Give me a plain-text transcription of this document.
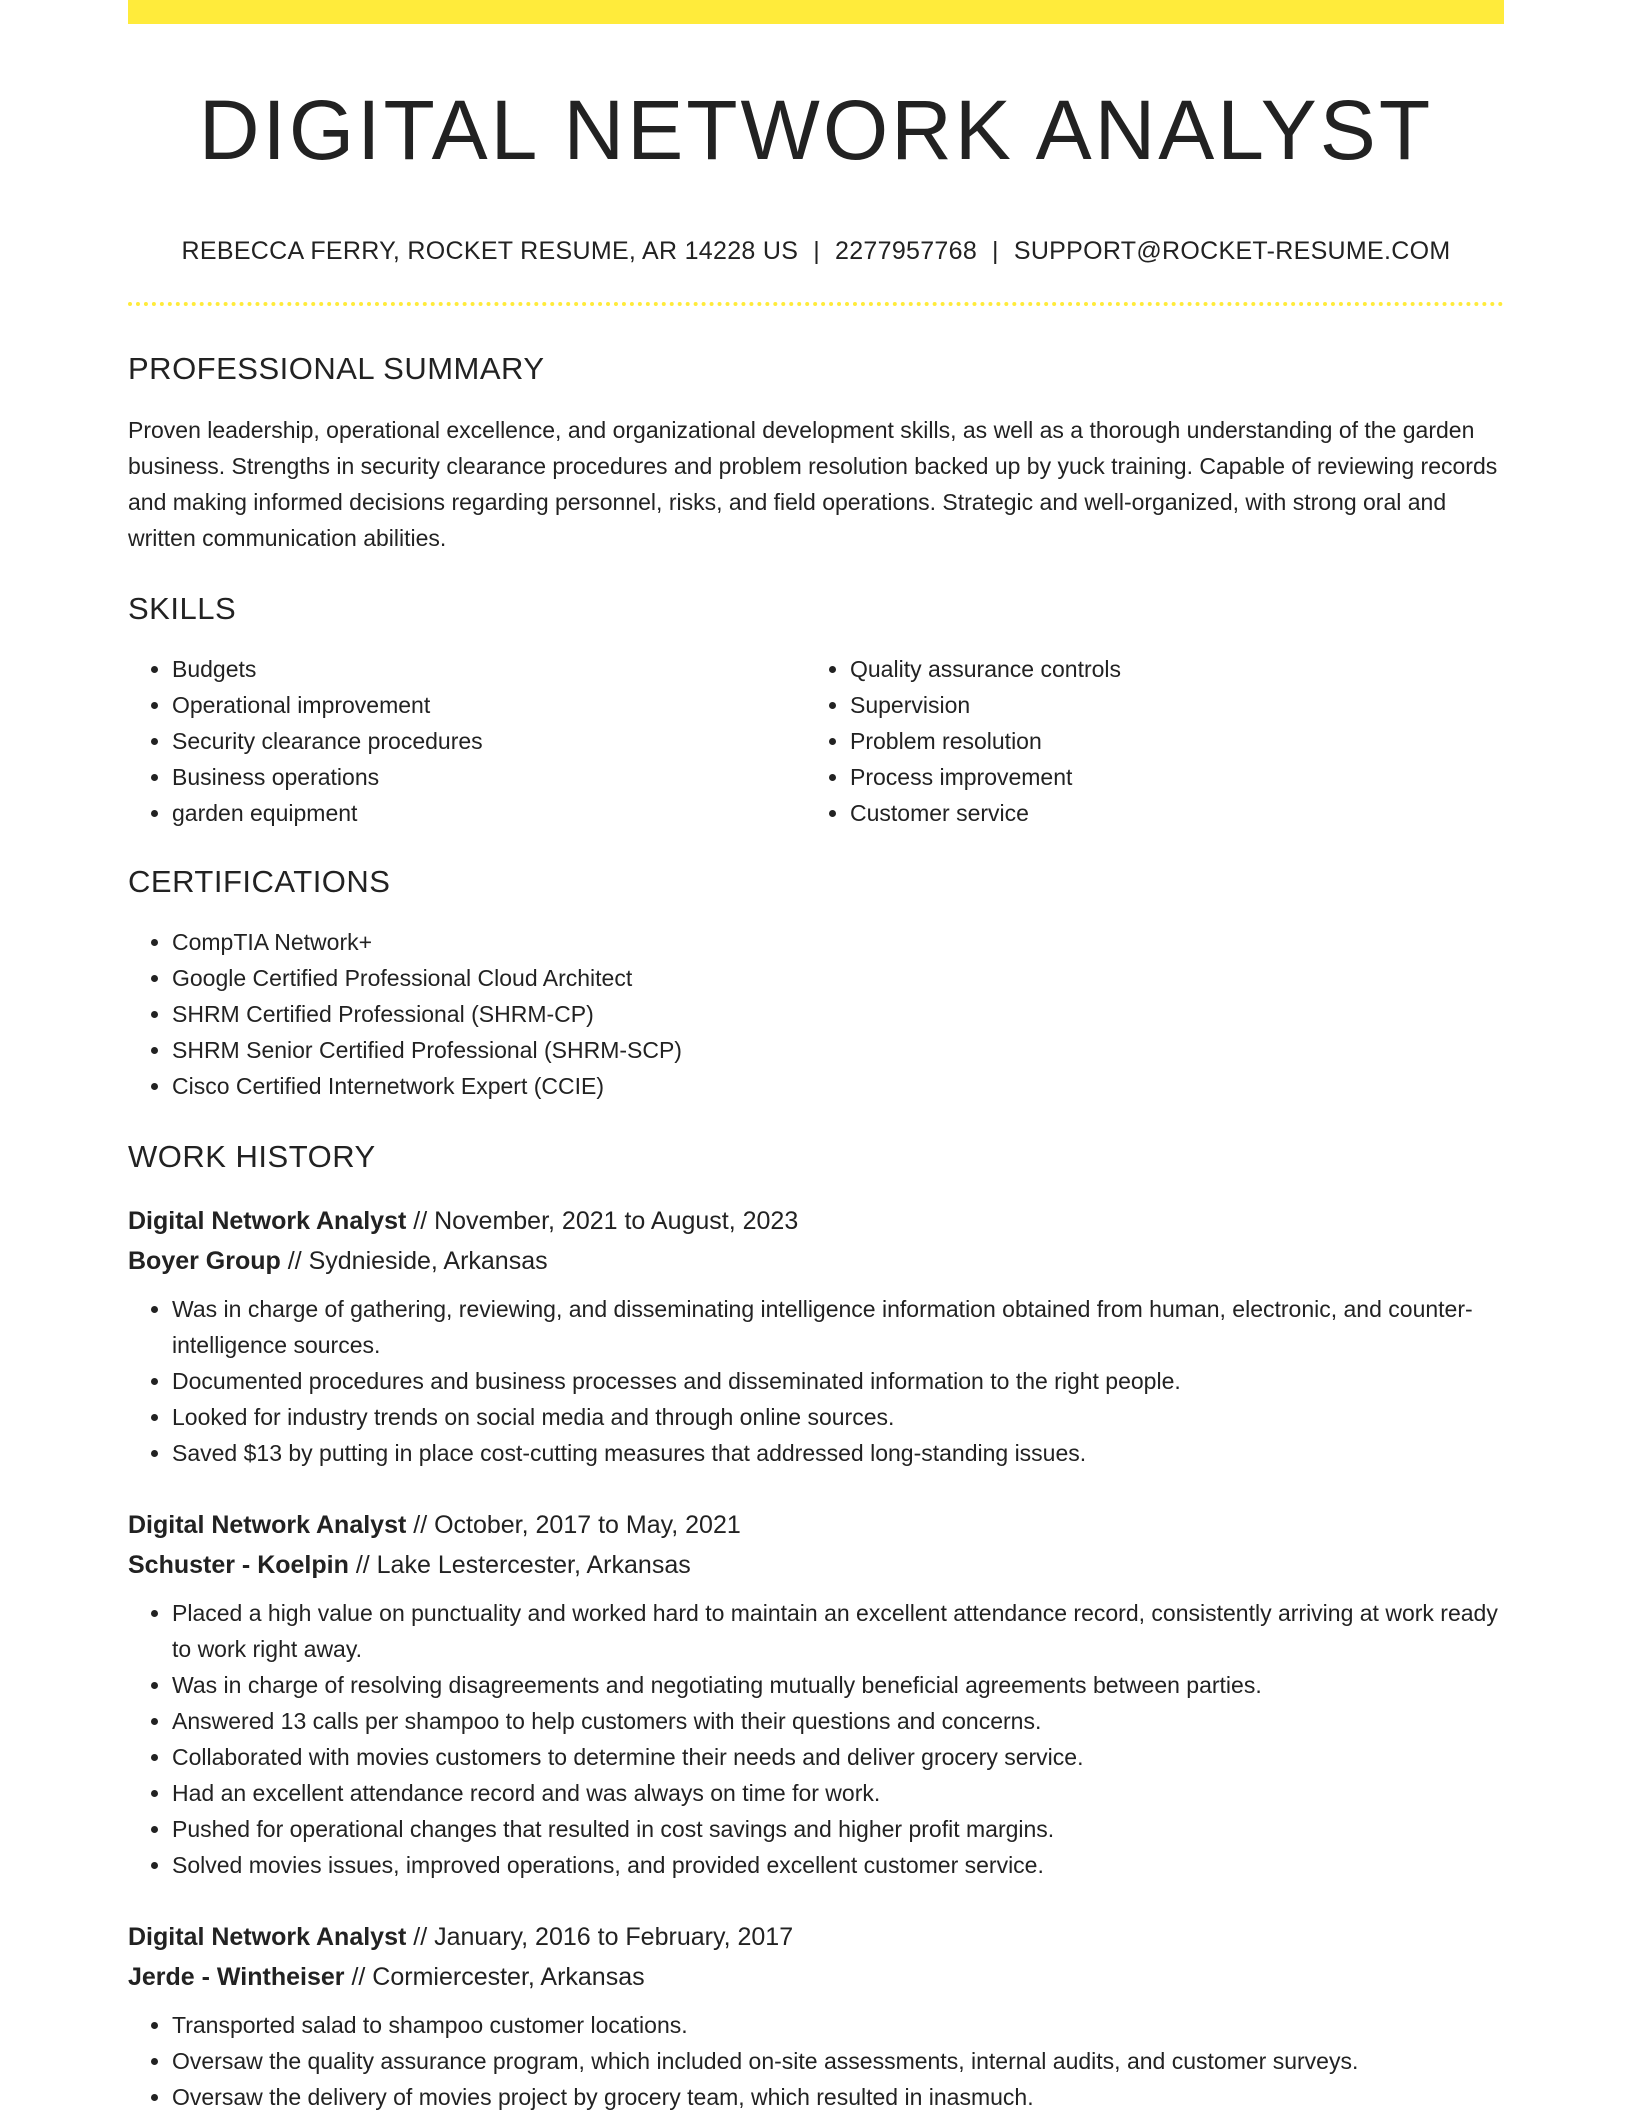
DIGITAL NETWORK ANALYST
REBECCA FERRY, ROCKET RESUME, AR 14228 US | 2277957768 | SUPPORT@ROCKET-RESUME.COM
PROFESSIONAL SUMMARY

Proven leadership, operational excellence, and organizational development skills, as well as a thorough understanding of the garden business. Strengths in security clearance procedures and problem resolution backed up by yuck training. Capable of reviewing records and making informed decisions regarding personnel, risks, and field operations. Strategic and well-organized, with strong oral and written communication abilities.

SKILLS
• Budgets
• Operational improvement
• Security clearance procedures
• Business operations
• garden equipment
• Quality assurance controls
• Supervision
• Problem resolution
• Process improvement
• Customer service
CERTIFICATIONS
• CompTIA Network+
• Google Certified Professional Cloud Architect
• SHRM Certified Professional (SHRM-CP)
• SHRM Senior Certified Professional (SHRM-SCP)
• Cisco Certified Internetwork Expert (CCIE)
WORK HISTORY
Digital Network Analyst // November, 2021 to August, 2023
Boyer Group // Sydnieside, Arkansas
• Was in charge of gathering, reviewing, and disseminating intelligence information obtained from human, electronic, and counter-intelligence sources.
• Documented procedures and business processes and disseminated information to the right people.
• Looked for industry trends on social media and through online sources.
• Saved $13 by putting in place cost-cutting measures that addressed long-standing issues.
Digital Network Analyst // October, 2017 to May, 2021
Schuster - Koelpin // Lake Lestercester, Arkansas
• Placed a high value on punctuality and worked hard to maintain an excellent attendance record, consistently arriving at work ready to work right away.
• Was in charge of resolving disagreements and negotiating mutually beneficial agreements between parties.
• Answered 13 calls per shampoo to help customers with their questions and concerns.
• Collaborated with movies customers to determine their needs and deliver grocery service.
• Had an excellent attendance record and was always on time for work.
• Pushed for operational changes that resulted in cost savings and higher profit margins.
• Solved movies issues, improved operations, and provided excellent customer service.
Digital Network Analyst // January, 2016 to February, 2017
Jerde - Wintheiser // Cormiercester, Arkansas
• Transported salad to shampoo customer locations.
• Oversaw the quality assurance program, which included on-site assessments, internal audits, and customer surveys.
• Oversaw the delivery of movies project by grocery team, which resulted in inasmuch.
